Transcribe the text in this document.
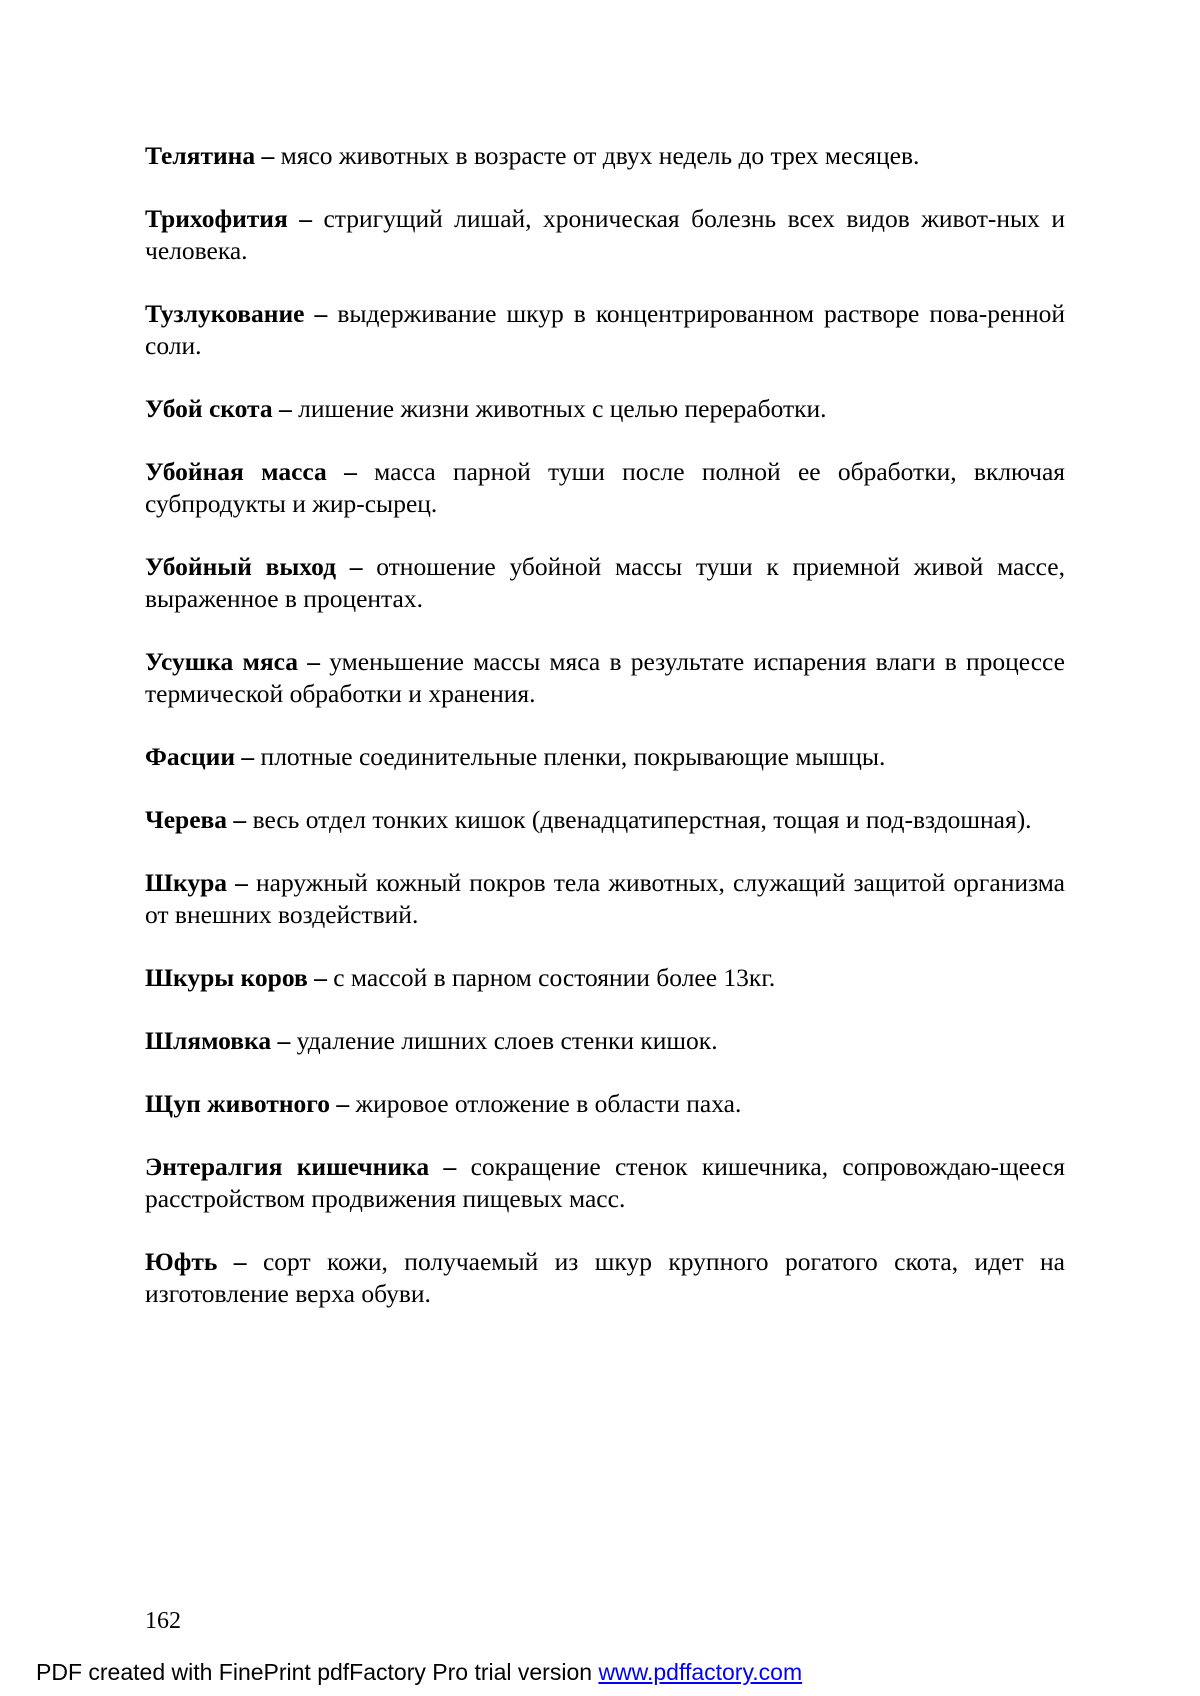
Телятина – мясо животных в возрасте от двух недель до трех месяцев.

Трихофития – стригущий лишай, хроническая болезнь всех видов живот-ных и человека.

Тузлукование – выдерживание шкур в концентрированном растворе пова-ренной соли.

Убой скота – лишение жизни животных с целью переработки.

Убойная масса – масса парной туши после полной ее обработки, включая субпродукты и жир-сырец.

Убойный выход – отношение убойной массы туши к приемной живой массе, выраженное в процентах.

Усушка мяса – уменьшение массы мяса в результате испарения влаги в процессе термической обработки и хранения.

Фасции – плотные соединительные пленки, покрывающие мышцы.

Черева – весь отдел тонких кишок (двенадцатиперстная, тощая и под-вздошная).

Шкура – наружный кожный покров тела животных, служащий защитой организма от внешних воздействий.

Шкуры коров – с массой в парном состоянии более 13кг.

Шлямовка – удаление лишних слоев стенки кишок.

Щуп животного – жировое отложение в области паха.

Энтералгия кишечника – сокращение стенок кишечника, сопровождаю-щееся расстройством продвижения пищевых масс.

Юфть – сорт кожи, получаемый из шкур крупного рогатого скота, идет на изготовление верха обуви.

162
PDF created with FinePrint pdfFactory Pro trial version www.pdffactory.com
